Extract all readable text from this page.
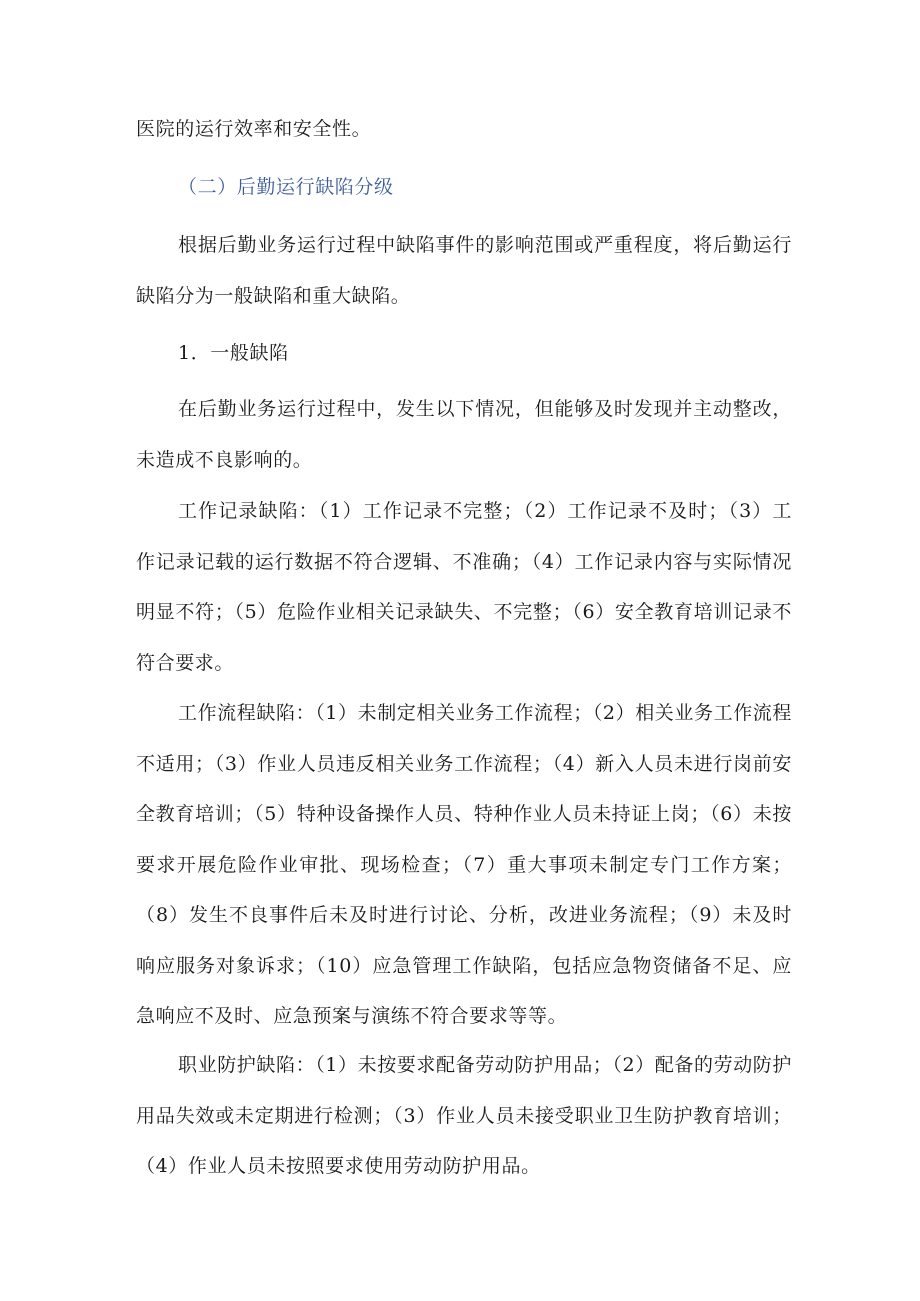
医院的运行效率和安全性。

（二）后勤运行缺陷分级

根据后勤业务运行过程中缺陷事件的影响范围或严重程度，将后勤运行缺陷分为一般缺陷和重大缺陷。

1．一般缺陷

在后勤业务运行过程中，发生以下情况，但能够及时发现并主动整改，未造成不良影响的。

工作记录缺陷：（1）工作记录不完整；（2）工作记录不及时；（3）工作记录记载的运行数据不符合逻辑、不准确；（4）工作记录内容与实际情况明显不符；（5）危险作业相关记录缺失、不完整；（6）安全教育培训记录不符合要求。

工作流程缺陷：（1）未制定相关业务工作流程；（2）相关业务工作流程不适用；（3）作业人员违反相关业务工作流程；（4）新入人员未进行岗前安全教育培训；（5）特种设备操作人员、特种作业人员未持证上岗；（6）未按要求开展危险作业审批、现场检查；（7）重大事项未制定专门工作方案；（8）发生不良事件后未及时进行讨论、分析，改进业务流程；（9）未及时响应服务对象诉求；（10）应急管理工作缺陷，包括应急物资储备不足、应急响应不及时、应急预案与演练不符合要求等等。

职业防护缺陷：（1）未按要求配备劳动防护用品；（2）配备的劳动防护用品失效或未定期进行检测；（3）作业人员未接受职业卫生防护教育培训；（4）作业人员未按照要求使用劳动防护用品。
